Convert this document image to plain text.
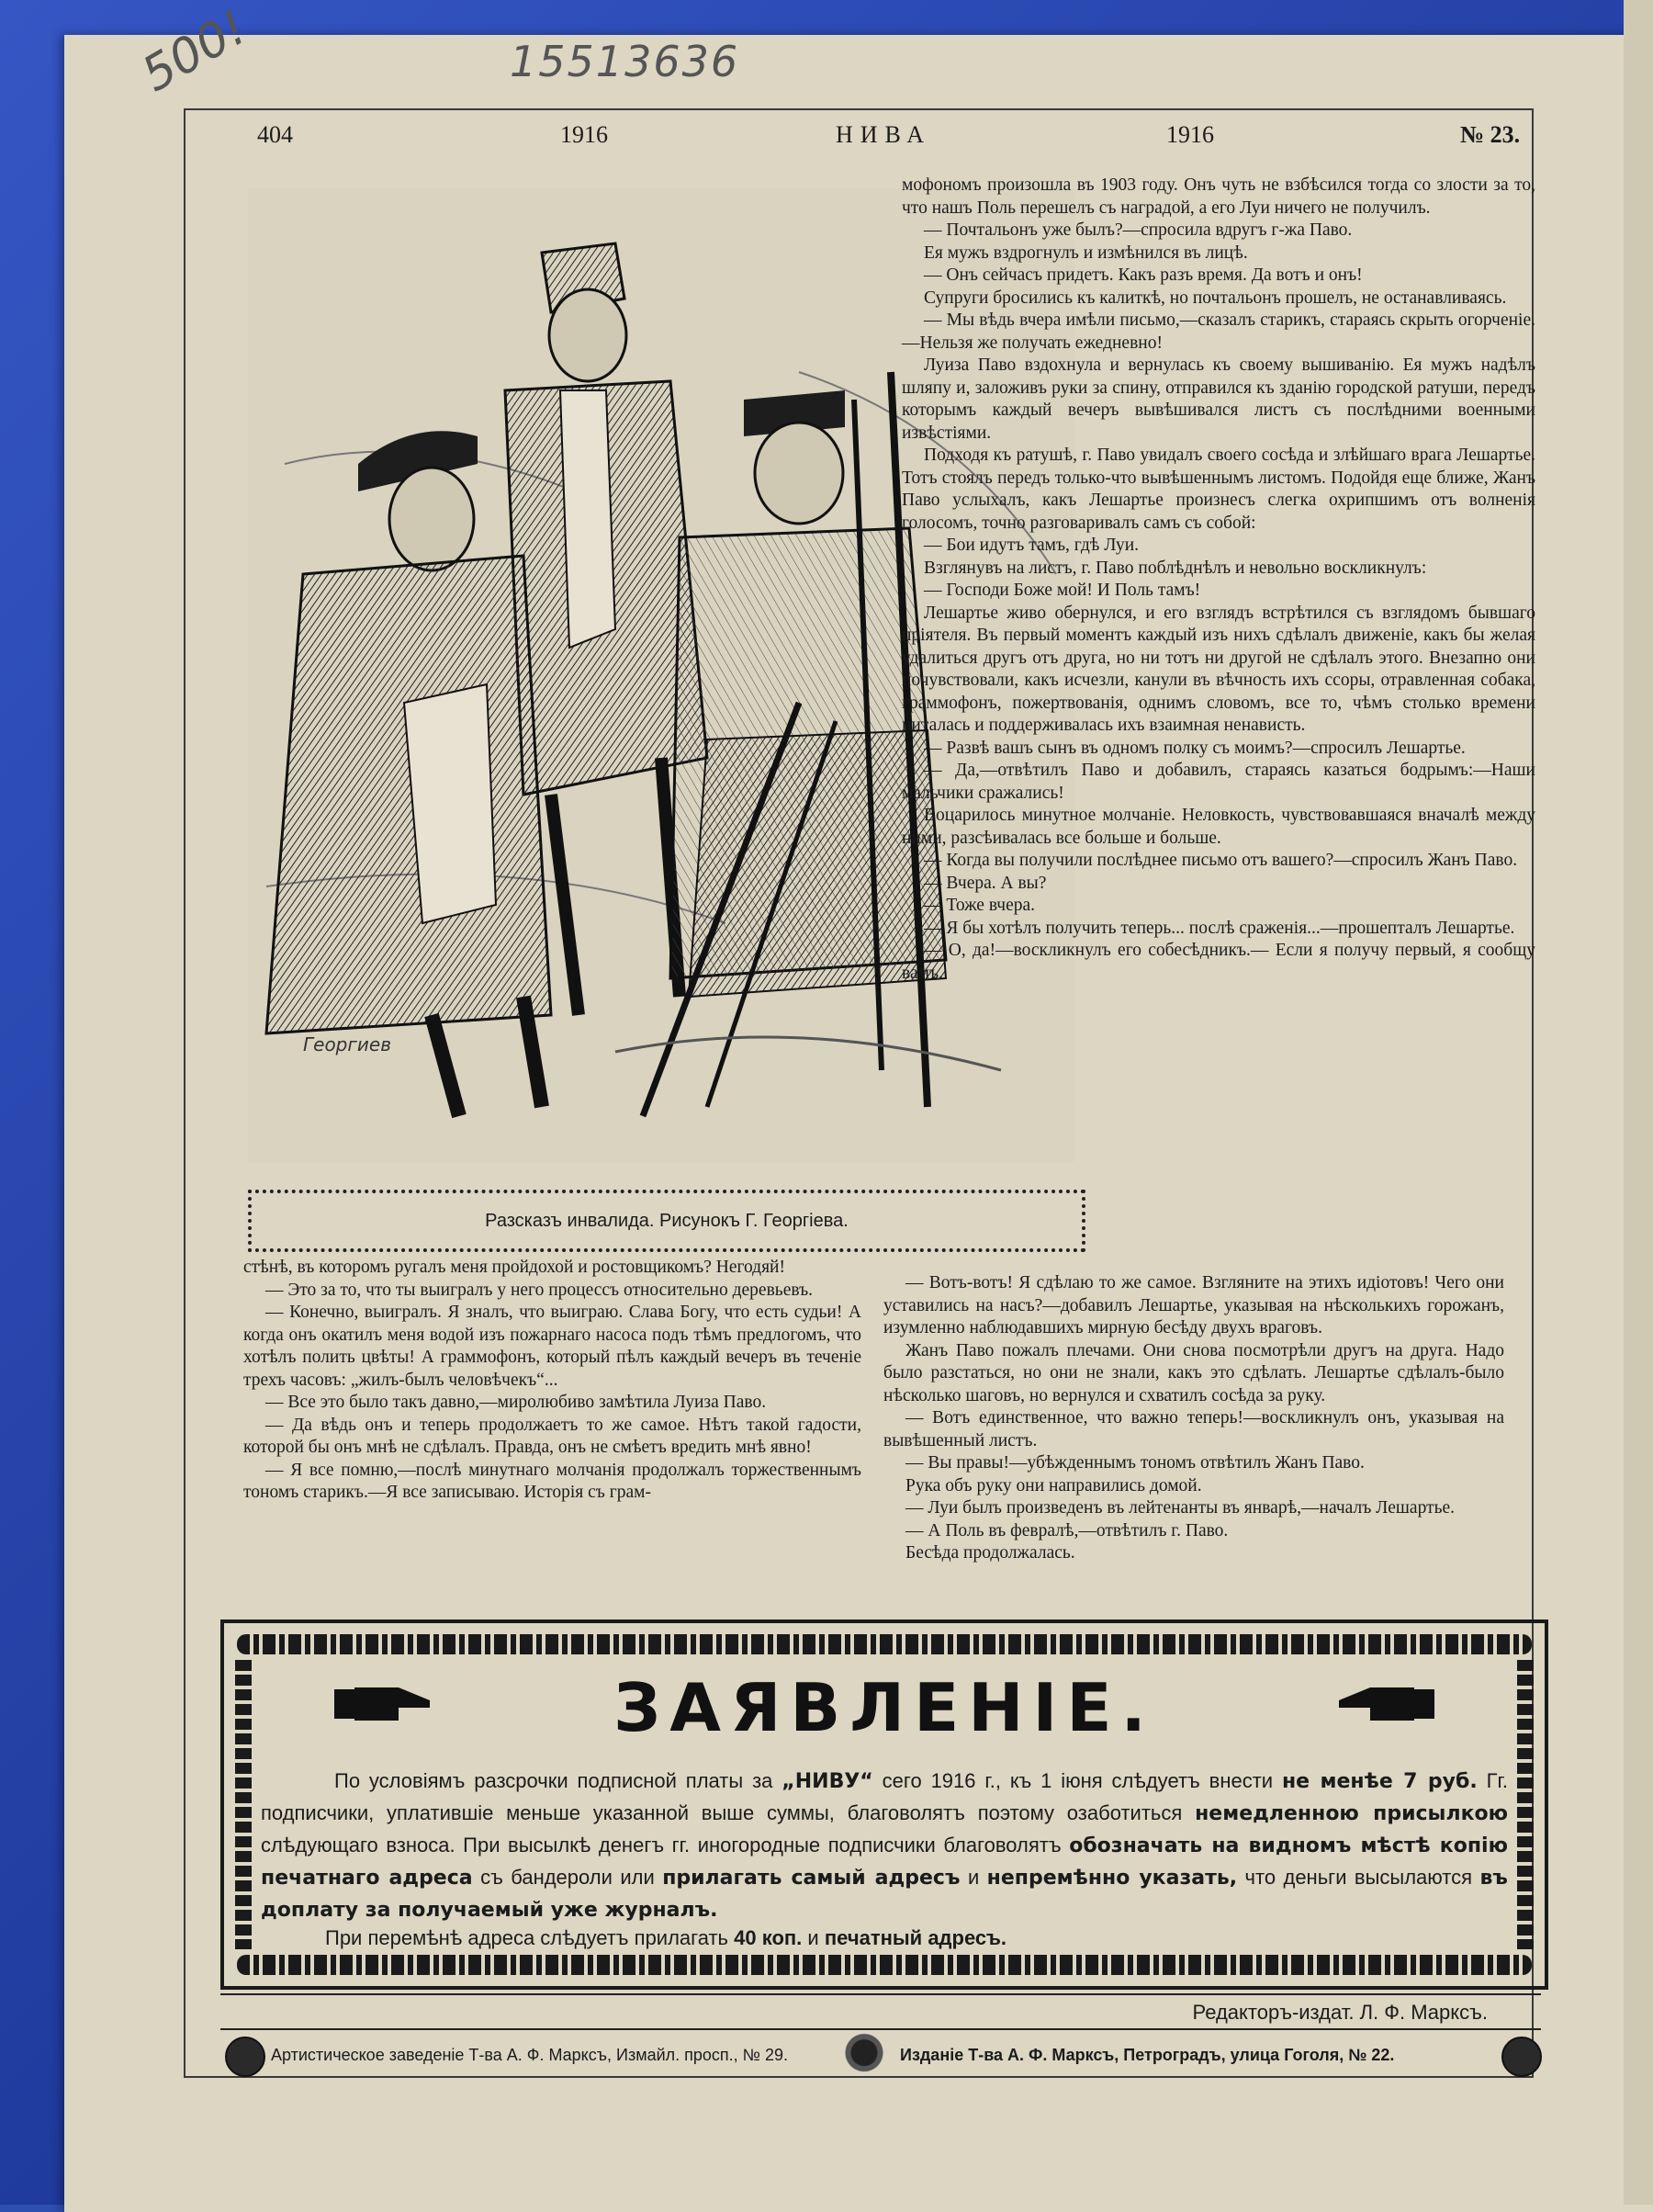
15513636
500!
404	1916	НИВА	1916	№ 23.
Георгиев
Разсказъ инвалида. Рисунокъ Г. Георгіева.

мофономъ произошла въ 1903 году. Онъ чуть не взбѣсился тогда со злости за то, что нашъ Поль перешелъ съ наградой, а его Луи ничего не получилъ.

— Почтальонъ уже былъ?—спросила вдругъ г-жа Паво.

Ея мужъ вздрогнулъ и измѣнился въ лицѣ.

— Онъ сейчасъ придетъ. Какъ разъ время. Да вотъ и онъ!

Супруги бросились къ калиткѣ, но почтальонъ прошелъ, не останавливаясь.

— Мы вѣдь вчера имѣли письмо,—сказалъ старикъ, стараясь скрыть огорченіе.—Нельзя же получать ежедневно!

Луиза Паво вздохнула и вернулась къ своему вышиванію. Ея мужъ надѣлъ шляпу и, заложивъ руки за спину, отправился къ зданію городской ратуши, передъ которымъ каждый вечеръ вывѣшивался листъ съ послѣдними военными извѣстіями.

Подходя къ ратушѣ, г. Паво увидалъ своего сосѣда и злѣйшаго врага Лешартье. Тотъ стоялъ передъ только-что вывѣшеннымъ листомъ. Подойдя еще ближе, Жанъ Паво услыхалъ, какъ Лешартье произнесъ слегка охрипшимъ отъ волненія голосомъ, точно разговаривалъ самъ съ собой:

— Бои идутъ тамъ, гдѣ Луи.

Взглянувъ на листъ, г. Паво поблѣднѣлъ и невольно воскликнулъ:

— Господи Боже мой! И Поль тамъ!

Лешартье живо обернулся, и его взглядъ встрѣтился съ взглядомъ бывшаго пріятеля. Въ первый моментъ каждый изъ нихъ сдѣлалъ движеніе, какъ бы желая удалиться другъ отъ друга, но ни тотъ ни другой не сдѣлалъ этого. Внезапно они почувствовали, какъ исчезли, канули въ вѣчность ихъ ссоры, отравленная собака, граммофонъ, пожертвованія, однимъ словомъ, все то, чѣмъ столько времени питалась и поддерживалась ихъ взаимная ненависть.

— Развѣ вашъ сынъ въ одномъ полку съ моимъ?—спросилъ Лешартье.

— Да,—отвѣтилъ Паво и добавилъ, стараясь казаться бодрымъ:—Наши мальчики сражались!

Воцарилось минутное молчаніе. Неловкость, чувствовавшаяся вначалѣ между ними, разсѣивалась все больше и больше.

— Когда вы получили послѣднее письмо отъ вашего?—спросилъ Жанъ Паво.

— Вчера. А вы?

— Тоже вчера.

— Я бы хотѣлъ получить теперь... послѣ сраженія...—прошепталъ Лешартье.

— О, да!—воскликнулъ его собесѣдникъ.— Если я получу первый, я сообщу вамъ.

стѣнѣ, въ которомъ ругалъ меня пройдохой и ростовщикомъ? Негодяй!

— Это за то, что ты выигралъ у него процессъ относительно деревьевъ.

— Конечно, выигралъ. Я зналъ, что выиграю. Слава Богу, что есть судьи! А когда онъ окатилъ меня водой изъ пожарнаго насоса подъ тѣмъ предлогомъ, что хотѣлъ полить цвѣты! А граммофонъ, который пѣлъ каждый вечеръ въ теченіе трехъ часовъ: „жилъ-былъ человѣчекъ“...

— Все это было такъ давно,—миролюбиво замѣтила Луиза Паво.

— Да вѣдь онъ и теперь продолжаетъ то же самое. Нѣтъ такой гадости, которой бы онъ мнѣ не сдѣлалъ. Правда, онъ не смѣетъ вредить мнѣ явно!

— Я все помню,—послѣ минутнаго молчанія продолжалъ торжественнымъ тономъ старикъ.—Я все записываю. Исторія съ грам-

— Вотъ-вотъ! Я сдѣлаю то же самое. Взгляните на этихъ идіотовъ! Чего они уставились на насъ?—добавилъ Лешартье, указывая на нѣсколькихъ горожанъ, изумленно наблюдавшихъ мирную бесѣду двухъ враговъ.

Жанъ Паво пожалъ плечами. Они снова посмотрѣли другъ на друга. Надо было разстаться, но они не знали, какъ это сдѣлать. Лешартье сдѣлалъ-было нѣсколько шаговъ, но вернулся и схватилъ сосѣда за руку.

— Вотъ единственное, что важно теперь!—воскликнулъ онъ, указывая на вывѣшенный листъ.

— Вы правы!—убѣжденнымъ тономъ отвѣтилъ Жанъ Паво.

Рука объ руку они направились домой.

— Луи былъ произведенъ въ лейтенанты въ январѣ,—началъ Лешартье.

— А Поль въ февралѣ,—отвѣтилъ г. Паво.

Бесѣда продолжалась.

ЗАЯВЛЕНІЕ.
По условіямъ разсрочки подписной платы за „НИВУ“ сего 1916 г., къ 1 іюня слѣдуетъ внести не менѣе 7 руб. Гг. подписчики, уплатившіе меньше указанной выше суммы, благоволятъ поэтому озаботиться немедленною присылкою слѣдующаго взноса. При высылкѣ денегъ гг. иногородные подписчики благоволятъ обозначать на видномъ мѣстѣ копію печатнаго адреса съ бандероли или прилагать самый адресъ и непремѣнно указать, что деньги высылаются въ доплату за получаемый уже журналъ.
При перемѣнѣ адреса слѣдуетъ прилагать 40 коп. и печатный адресъ.
Редакторъ-издат. Л. Ф. Марксъ.
Артистическое заведеніе Т-ва А. Ф. Марксъ, Измайл. просп., № 29.	Изданіе Т-ва А. Ф. Марксъ, Петроградъ, улица Гоголя, № 22.
